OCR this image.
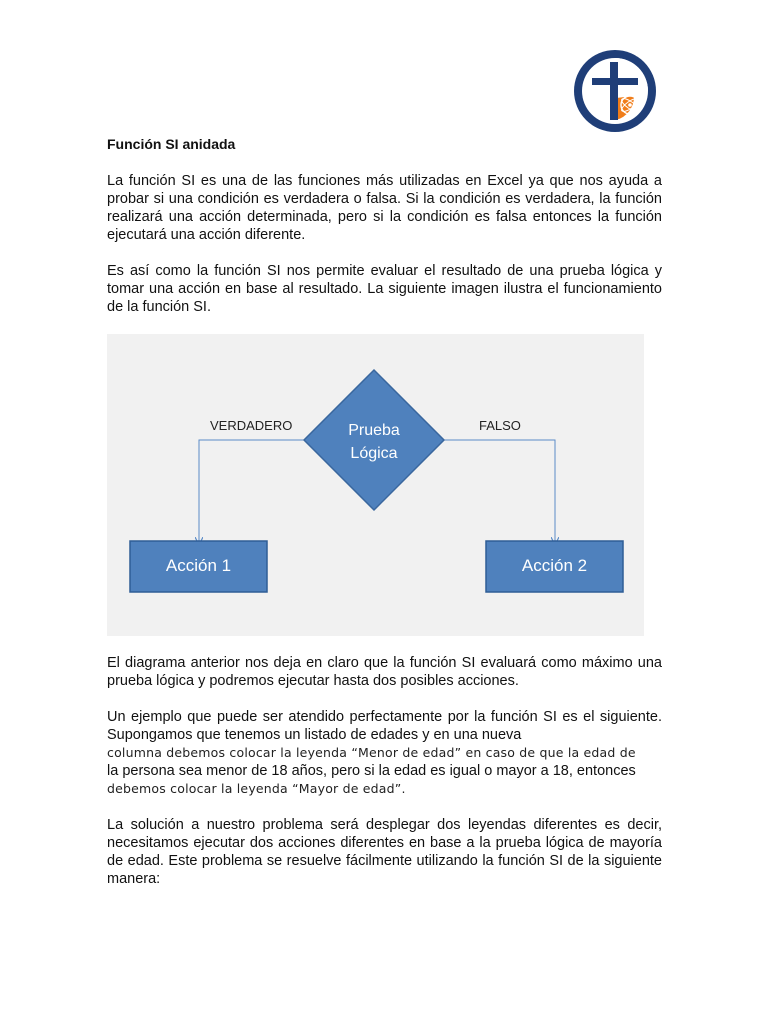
Función SI anidada

La función SI es una de las funciones más utilizadas en Excel ya que nos ayuda a probar si una condición es verdadera o falsa. Si la condición es verdadera, la función realizará una acción determinada, pero si la condición es falsa entonces la función ejecutará una acción diferente.

Es así como la función SI nos permite evaluar el resultado de una prueba lógica y tomar una acción en base al resultado. La siguiente imagen ilustra el funcionamiento de la función SI.

VERDADERO	FALSO
Prueba
Lógica
Acción 1	Acción 2

El diagrama anterior nos deja en claro que la función SI evaluará como máximo una prueba lógica y podremos ejecutar hasta dos posibles acciones.

Un ejemplo que puede ser atendido perfectamente por la función SI es el siguiente. Supongamos que tenemos un listado de edades y en una nueva

columna debemos colocar la leyenda “Menor de edad” en caso de que la edad de

la persona sea menor de 18 años, pero si la edad es igual o mayor a 18, entonces

debemos colocar la leyenda “Mayor de edad”.

La solución a nuestro problema será desplegar dos leyendas diferentes es decir, necesitamos ejecutar dos acciones diferentes en base a la prueba lógica de mayoría de edad. Este problema se resuelve fácilmente utilizando la función SI de la siguiente manera:
